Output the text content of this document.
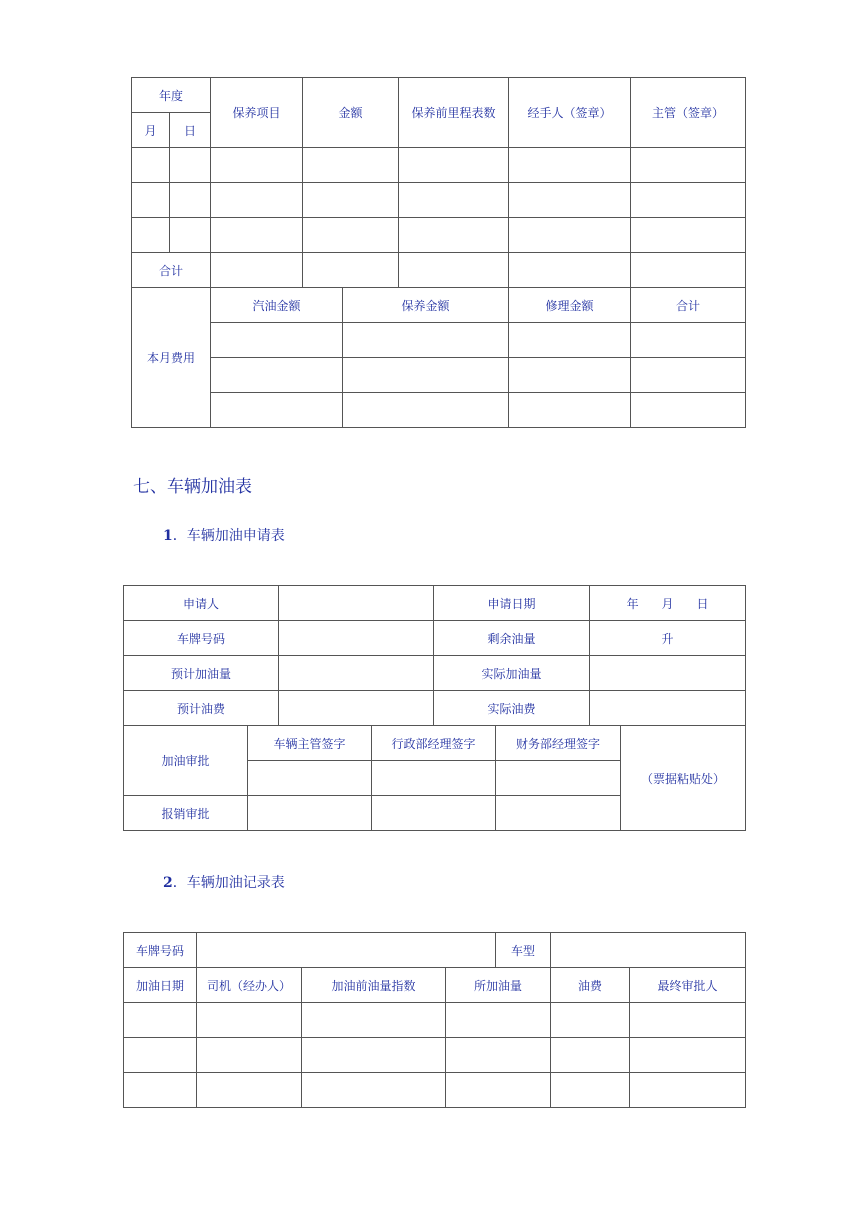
年度		保养项目	金额		保养前里程表数	经手人（签章）	主管（签章）
月	日						

合计							
本月费用		汽油金额		保养金额		修理金额	合计

七、车辆加油表
1．车辆加油申请表
申请人				申请日期		年 月 日	
车牌号码				剩余油量		升	
预计加油量				实际加油量			
预计油费				实际油费			
加油审批	车辆主管签字		行政部经理签字		财务部经理签字		（票据粘贴处）

报销审批							
2．车辆加油记录表
车牌号码				车型		
加油日期	司机（经办人）	加油前油量指数	所加油量		油费	最终审批人
